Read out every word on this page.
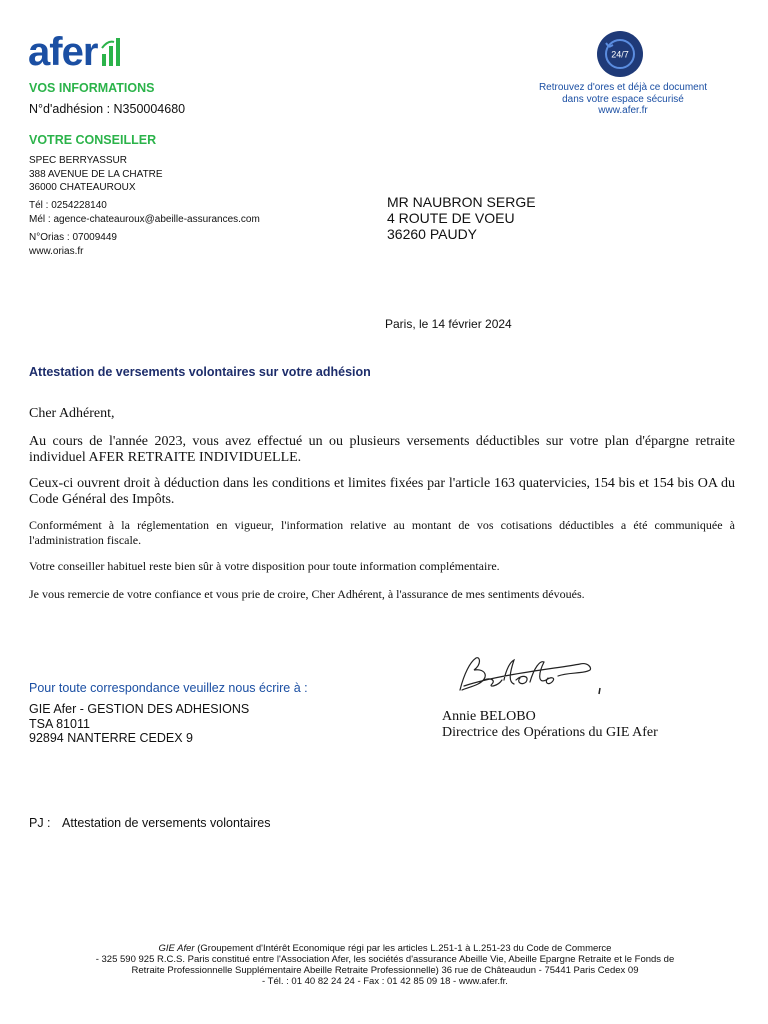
afer
VOS INFORMATIONS
N°d'adhésion : N350004680
VOTRE CONSEILLER
SPEC BERRYASSUR
388 AVENUE DE LA CHATRE
36000 CHATEAUROUX
Tél : 0254228140
Mél : agence-chateauroux@abeille-assurances.com
N°Orias : 07009449
www.orias.fr
24/7
Retrouvez d'ores et déjà ce document
dans votre espace sécurisé
www.afer.fr
MR NAUBRON SERGE
4 ROUTE DE VOEU
36260 PAUDY
Paris, le 14 février 2024
Attestation de versements volontaires sur votre adhésion
Cher Adhérent,
Au cours de l'année 2023, vous avez effectué un ou plusieurs versements déductibles sur votre plan d'épargne retraite individuel AFER RETRAITE INDIVIDUELLE.
Ceux-ci ouvrent droit à déduction dans les conditions et limites fixées par l'article 163 quatervicies, 154 bis et 154 bis OA du Code Général des Impôts.
Conformément à la réglementation en vigueur, l'information relative au montant de vos cotisations déductibles a été communiquée à l'administration fiscale.
Votre conseiller habituel reste bien sûr à votre disposition pour toute information complémentaire.
Je vous remercie de votre confiance et vous prie de croire, Cher Adhérent, à l'assurance de mes sentiments dévoués.
Pour toute correspondance veuillez nous écrire à :
GIE Afer - GESTION DES ADHESIONS
TSA 81011
92894 NANTERRE CEDEX 9
Annie BELOBO
Directrice des Opérations du GIE Afer
PJ : Attestation de versements volontaires
GIE Afer (Groupement d'Intérêt Economique régi par les articles L.251-1 à L.251-23 du Code de Commerce
- 325 590 925 R.C.S. Paris constitué entre l'Association Afer, les sociétés d'assurance Abeille Vie, Abeille Epargne Retraite et le Fonds de
Retraite Professionnelle Supplémentaire Abeille Retraite Professionnelle) 36 rue de Châteaudun - 75441 Paris Cedex 09
- Tél. : 01 40 82 24 24 - Fax : 01 42 85 09 18 - www.afer.fr.
